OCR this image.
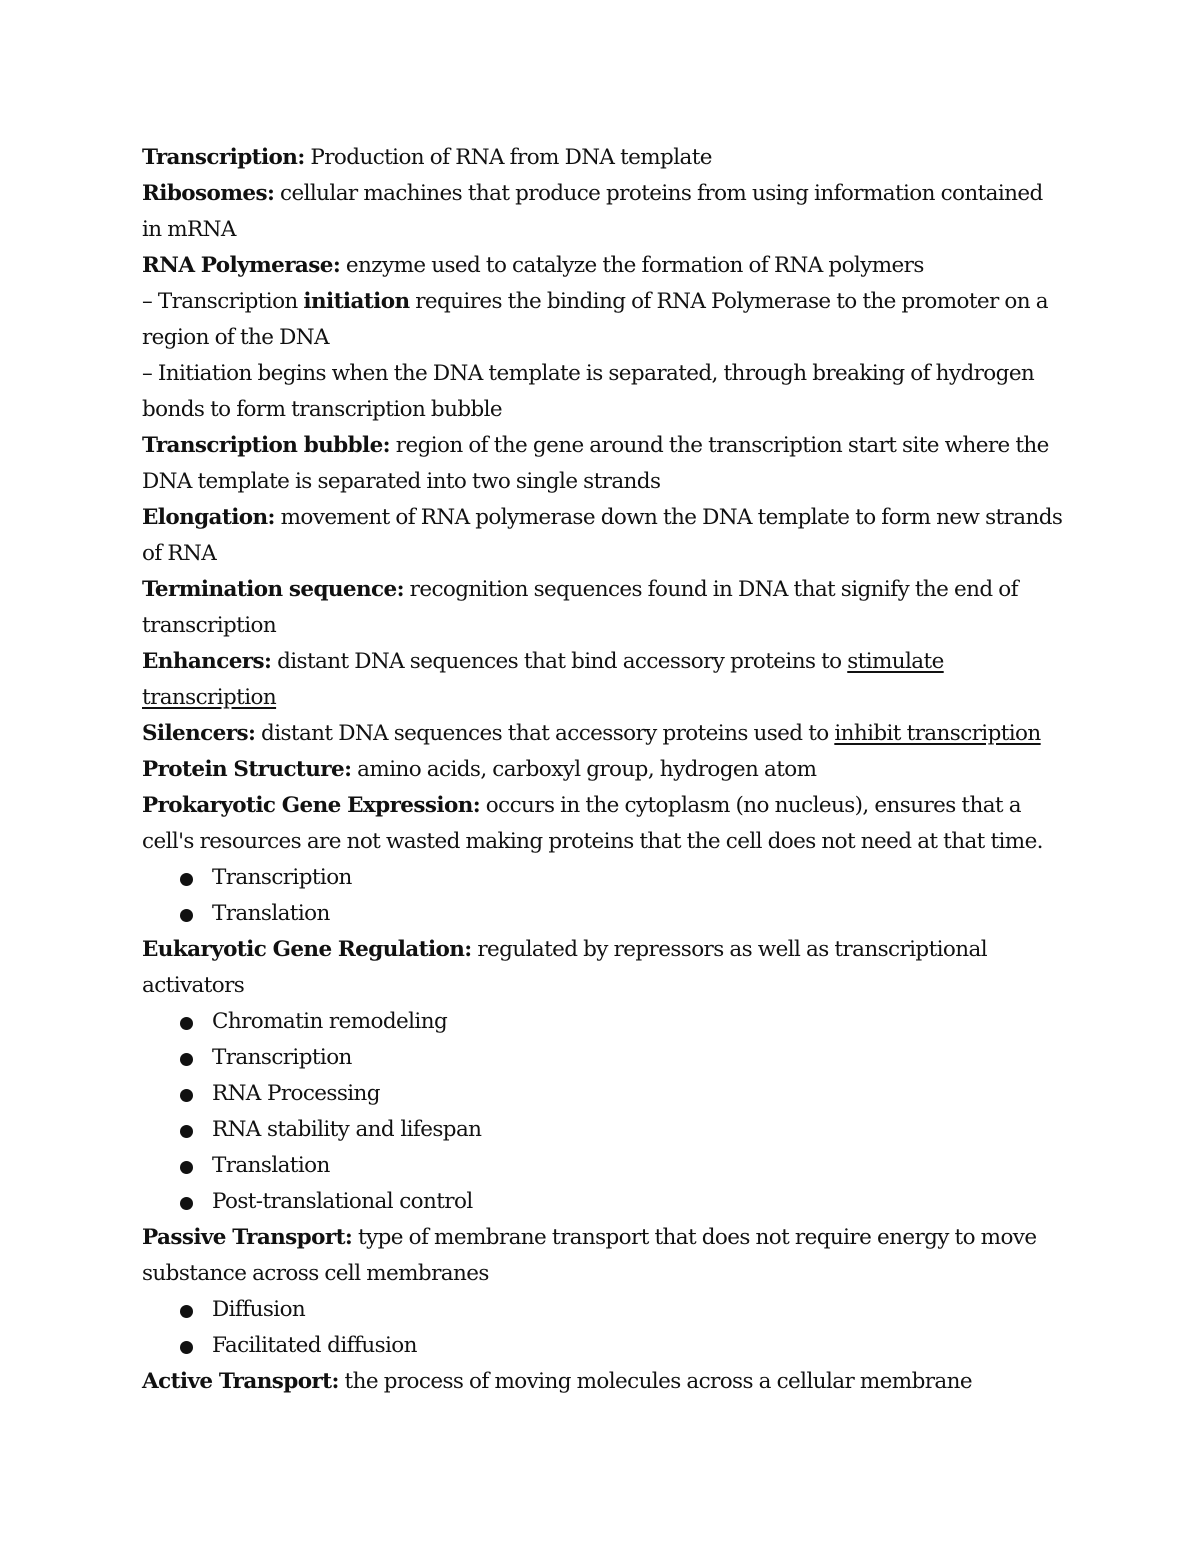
Transcription: Production of RNA from DNA template
Ribosomes: cellular machines that produce proteins from using information contained in mRNA
RNA Polymerase: enzyme used to catalyze the formation of RNA polymers
– Transcription initiation requires the binding of RNA Polymerase to the promoter on a region of the DNA
– Initiation begins when the DNA template is separated, through breaking of hydrogen bonds to form transcription bubble
Transcription bubble: region of the gene around the transcription start site where the DNA template is separated into two single strands
Elongation: movement of RNA polymerase down the DNA template to form new strands of RNA
Termination sequence: recognition sequences found in DNA that signify the end of transcription
Enhancers: distant DNA sequences that bind accessory proteins to stimulate transcription
Silencers: distant DNA sequences that accessory proteins used to inhibit transcription
Protein Structure: amino acids, carboxyl group, hydrogen atom
Prokaryotic Gene Expression: occurs in the cytoplasm (no nucleus), ensures that a cell's resources are not wasted making proteins that the cell does not need at that time.
Transcription
Translation
Eukaryotic Gene Regulation: regulated by repressors as well as transcriptional activators
Chromatin remodeling
Transcription
RNA Processing
RNA stability and lifespan
Translation
Post-translational control
Passive Transport: type of membrane transport that does not require energy to move substance across cell membranes
Diffusion
Facilitated diffusion
Active Transport: the process of moving molecules across a cellular membrane
